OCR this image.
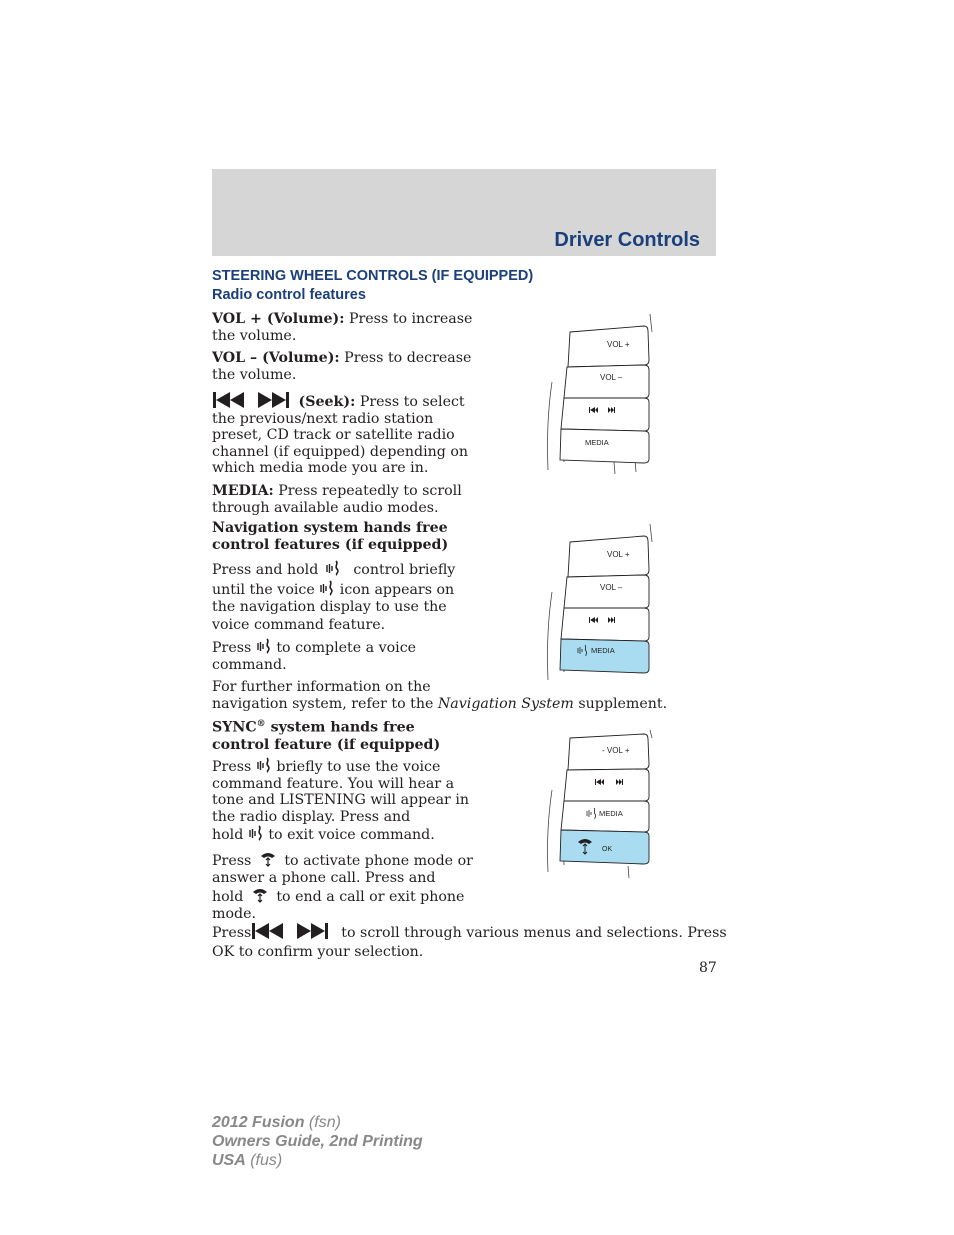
Driver Controls
STEERING WHEEL CONTROLS (IF EQUIPPED)
Radio control features
VOL + (Volume): Press to increase
the volume.
VOL – (Volume): Press to decrease
the volume.
(Seek): Press to select
the previous/next radio station
preset, CD track or satellite radio
channel (if equipped) depending on
which media mode you are in.
MEDIA: Press repeatedly to scroll
through available audio modes.
Navigation system hands free
control features (if equipped)
Press and hold control briefly
until the voice icon appears on
the navigation display to use the
voice command feature.
Press to complete a voice
command.
For further information on the
navigation system, refer to the Navigation System supplement.
SYNC® system hands free
control feature (if equipped)
Press briefly to use the voice
command feature. You will hear a
tone and LISTENING will appear in
the radio display. Press and
hold to exit voice command.
Press to activate phone mode or
answer a phone call. Press and
hold to end a call or exit phone
mode.
Press	to scroll through various menus and selections. Press
OK to confirm your selection.
VOL +
VOL –
MEDIA
VOL +
VOL –
MEDIA
- VOL +
MEDIA
OK
87
2012 Fusion (fsn)
Owners Guide, 2nd Printing
USA (fus)
